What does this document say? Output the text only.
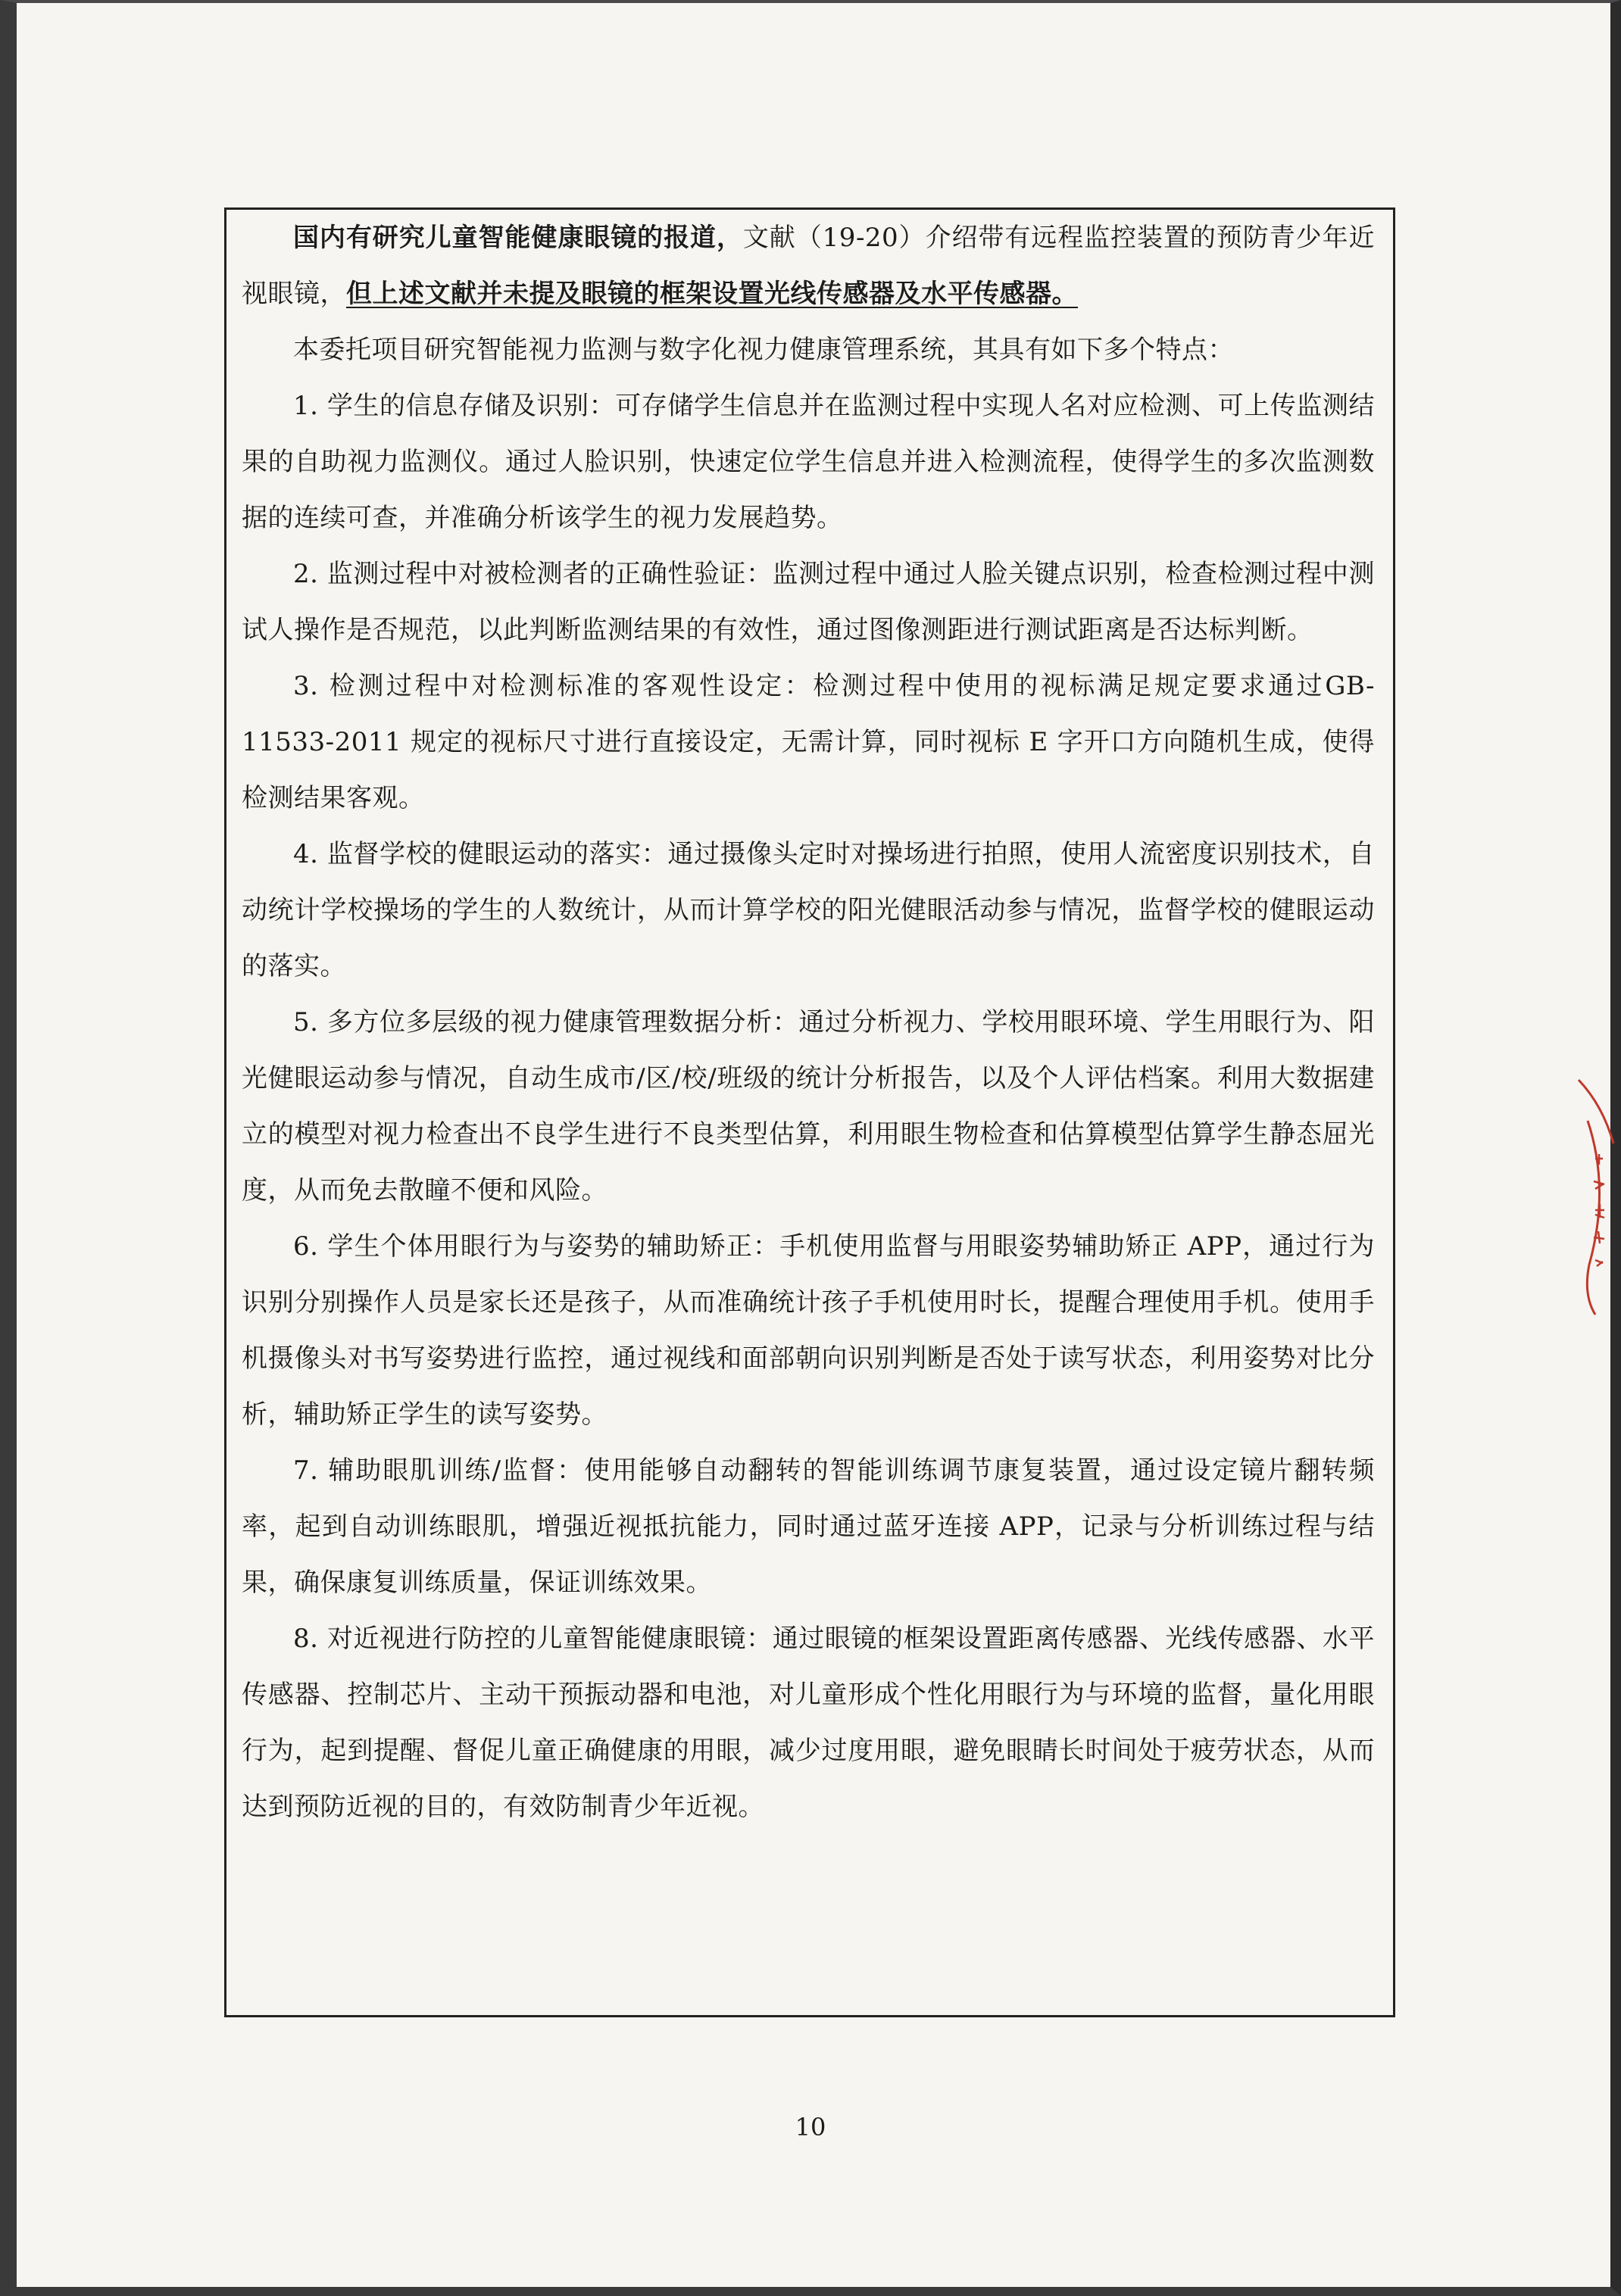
国内有研究儿童智能健康眼镜的报道，文献（19-20）介绍带有远程监控装置的预防青少年近视眼镜，但上述文献并未提及眼镜的框架设置光线传感器及水平传感器。

本委托项目研究智能视力监测与数字化视力健康管理系统，其具有如下多个特点：

1. 学生的信息存储及识别：可存储学生信息并在监测过程中实现人名对应检测、可上传监测结果的自助视力监测仪。通过人脸识别，快速定位学生信息并进入检测流程，使得学生的多次监测数据的连续可查，并准确分析该学生的视力发展趋势。

2. 监测过程中对被检测者的正确性验证：监测过程中通过人脸关键点识别，检查检测过程中测试人操作是否规范，以此判断监测结果的有效性，通过图像测距进行测试距离是否达标判断。

3. 检测过程中对检测标准的客观性设定：检测过程中使用的视标满足规定要求通过GB-11533-2011 规定的视标尺寸进行直接设定，无需计算，同时视标 E 字开口方向随机生成，使得检测结果客观。

4. 监督学校的健眼运动的落实：通过摄像头定时对操场进行拍照，使用人流密度识别技术，自动统计学校操场的学生的人数统计，从而计算学校的阳光健眼活动参与情况，监督学校的健眼运动的落实。

5. 多方位多层级的视力健康管理数据分析：通过分析视力、学校用眼环境、学生用眼行为、阳光健眼运动参与情况，自动生成市/区/校/班级的统计分析报告，以及个人评估档案。利用大数据建立的模型对视力检查出不良学生进行不良类型估算，利用眼生物检查和估算模型估算学生静态屈光度，从而免去散瞳不便和风险。

6. 学生个体用眼行为与姿势的辅助矫正：手机使用监督与用眼姿势辅助矫正 APP，通过行为识别分别操作人员是家长还是孩子，从而准确统计孩子手机使用时长，提醒合理使用手机。使用手机摄像头对书写姿势进行监控，通过视线和面部朝向识别判断是否处于读写状态，利用姿势对比分析，辅助矫正学生的读写姿势。

7. 辅助眼肌训练/监督：使用能够自动翻转的智能训练调节康复装置，通过设定镜片翻转频率，起到自动训练眼肌，增强近视抵抗能力，同时通过蓝牙连接 APP，记录与分析训练过程与结果，确保康复训练质量，保证训练效果。

8. 对近视进行防控的儿童智能健康眼镜：通过眼镜的框架设置距离传感器、光线传感器、水平传感器、控制芯片、主动干预振动器和电池，对儿童形成个性化用眼行为与环境的监督，量化用眼行为，起到提醒、督促儿童正确健康的用眼，减少过度用眼，避免眼睛长时间处于疲劳状态，从而达到预防近视的目的，有效防制青少年近视。

10
